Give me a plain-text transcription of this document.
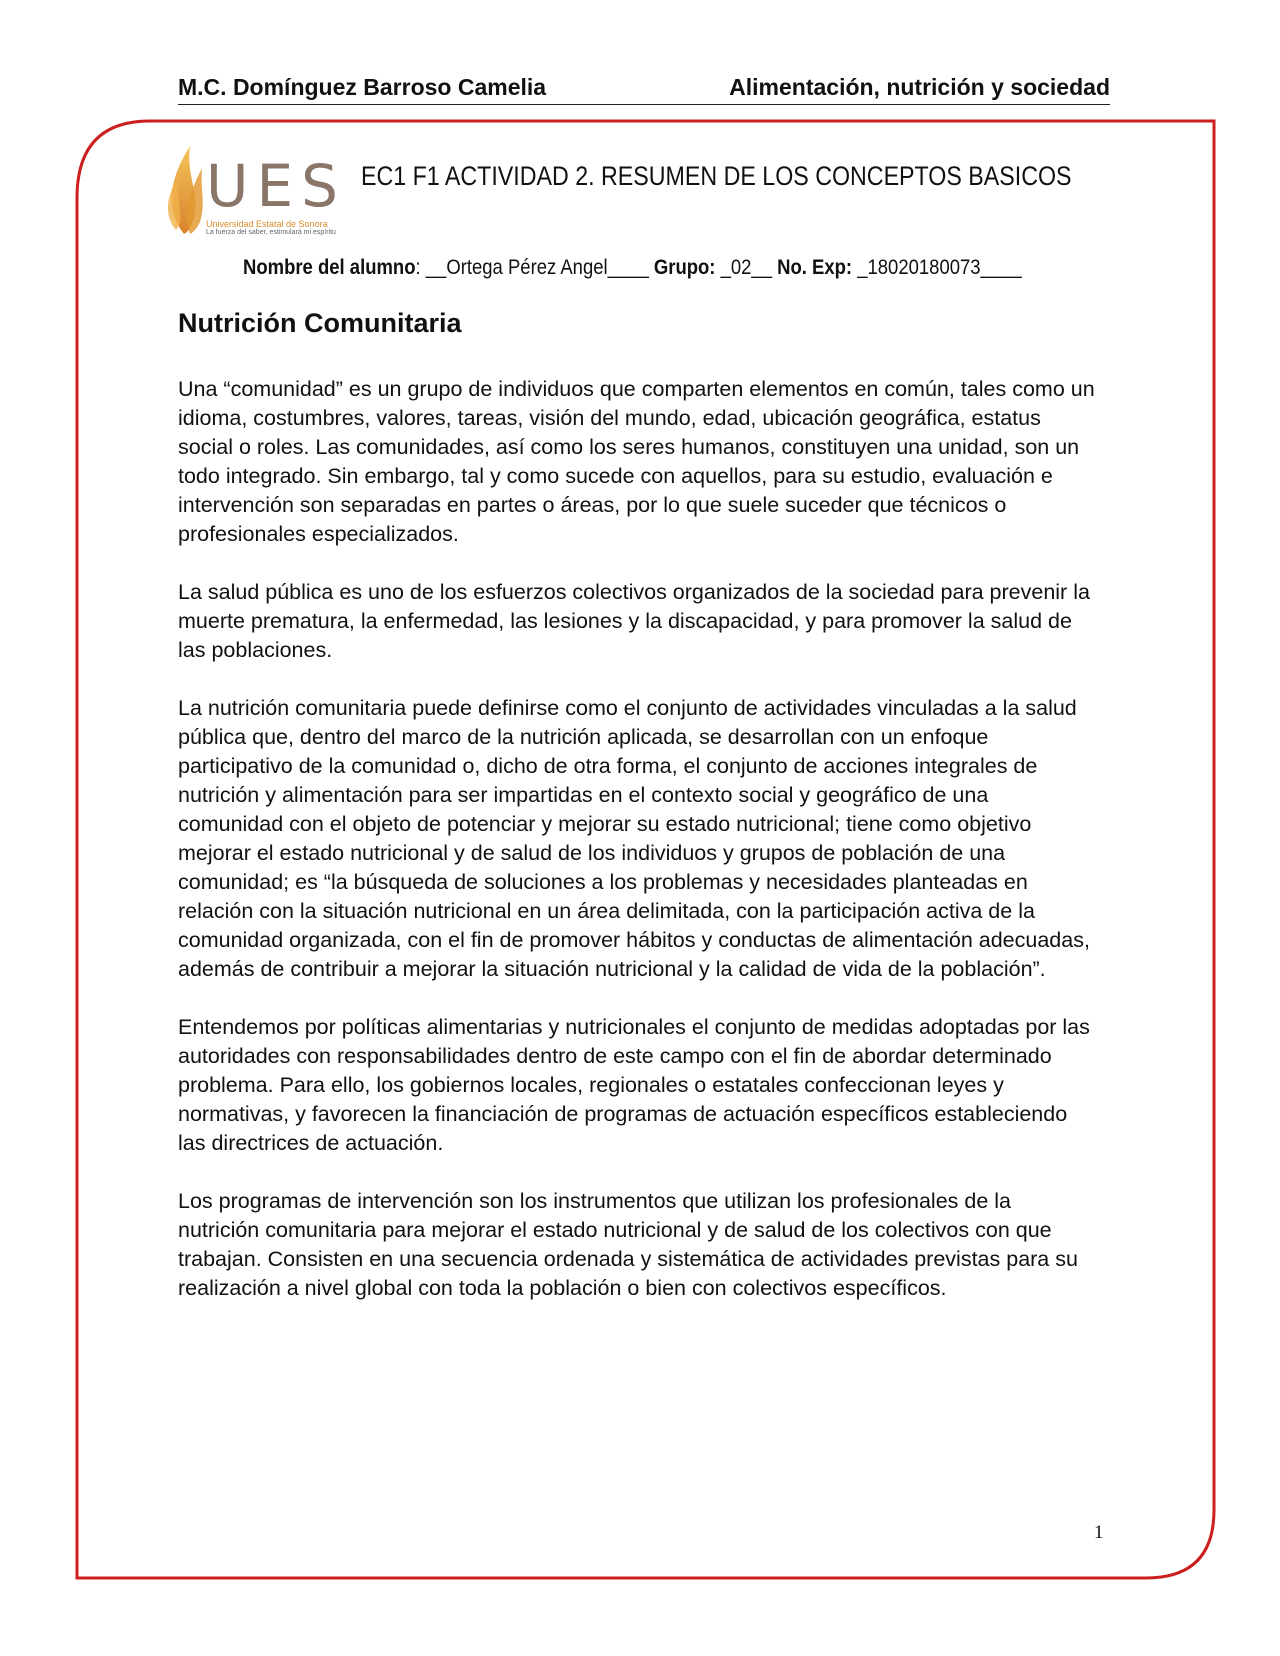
M.C. Domínguez Barroso Camelia	Alimentación, nutrición y sociedad
UES
Universidad Estatal de Sonora
La fuerza del saber, estimulará mi espíritu
EC1 F1 ACTIVIDAD 2. RESUMEN DE LOS CONCEPTOS BASICOS
Nombre del alumno: __Ortega Pérez Angel____ Grupo: _02__ No. Exp: _18020180073____
Nutrición Comunitaria

Una “comunidad” es un grupo de individuos que comparten elementos en común, tales como un idioma, costumbres, valores, tareas, visión del mundo, edad, ubicación geográfica, estatus social o roles. Las comunidades, así como los seres humanos, constituyen una unidad, son un todo integrado. Sin embargo, tal y como sucede con aquellos, para su estudio, evaluación e intervención son separadas en partes o áreas, por lo que suele suceder que técnicos o profesionales especializados.

La salud pública es uno de los esfuerzos colectivos organizados de la sociedad para prevenir la muerte prematura, la enfermedad, las lesiones y la discapacidad, y para promover la salud de las poblaciones.

La nutrición comunitaria puede definirse como el conjunto de actividades vinculadas a la salud pública que, dentro del marco de la nutrición aplicada, se desarrollan con un enfoque participativo de la comunidad o, dicho de otra forma, el conjunto de acciones integrales de nutrición y alimentación para ser impartidas en el contexto social y geográfico de una comunidad con el objeto de potenciar y mejorar su estado nutricional; tiene como objetivo mejorar el estado nutricional y de salud de los individuos y grupos de población de una comunidad; es “la búsqueda de soluciones a los problemas y necesidades planteadas en relación con la situación nutricional en un área delimitada, con la participación activa de la comunidad organizada, con el fin de promover hábitos y conductas de alimentación adecuadas, además de contribuir a mejorar la situación nutricional y la calidad de vida de la población”.

Entendemos por políticas alimentarias y nutricionales el conjunto de medidas adoptadas por las autoridades con responsabilidades dentro de este campo con el fin de abordar determinado problema. Para ello, los gobiernos locales, regionales o estatales confeccionan leyes y normativas, y favorecen la financiación de programas de actuación específicos estableciendo las directrices de actuación.

Los programas de intervención son los instrumentos que utilizan los profesionales de la nutrición comunitaria para mejorar el estado nutricional y de salud de los colectivos con que trabajan. Consisten en una secuencia ordenada y sistemática de actividades previstas para su realización a nivel global con toda la población o bien con colectivos específicos.

1
